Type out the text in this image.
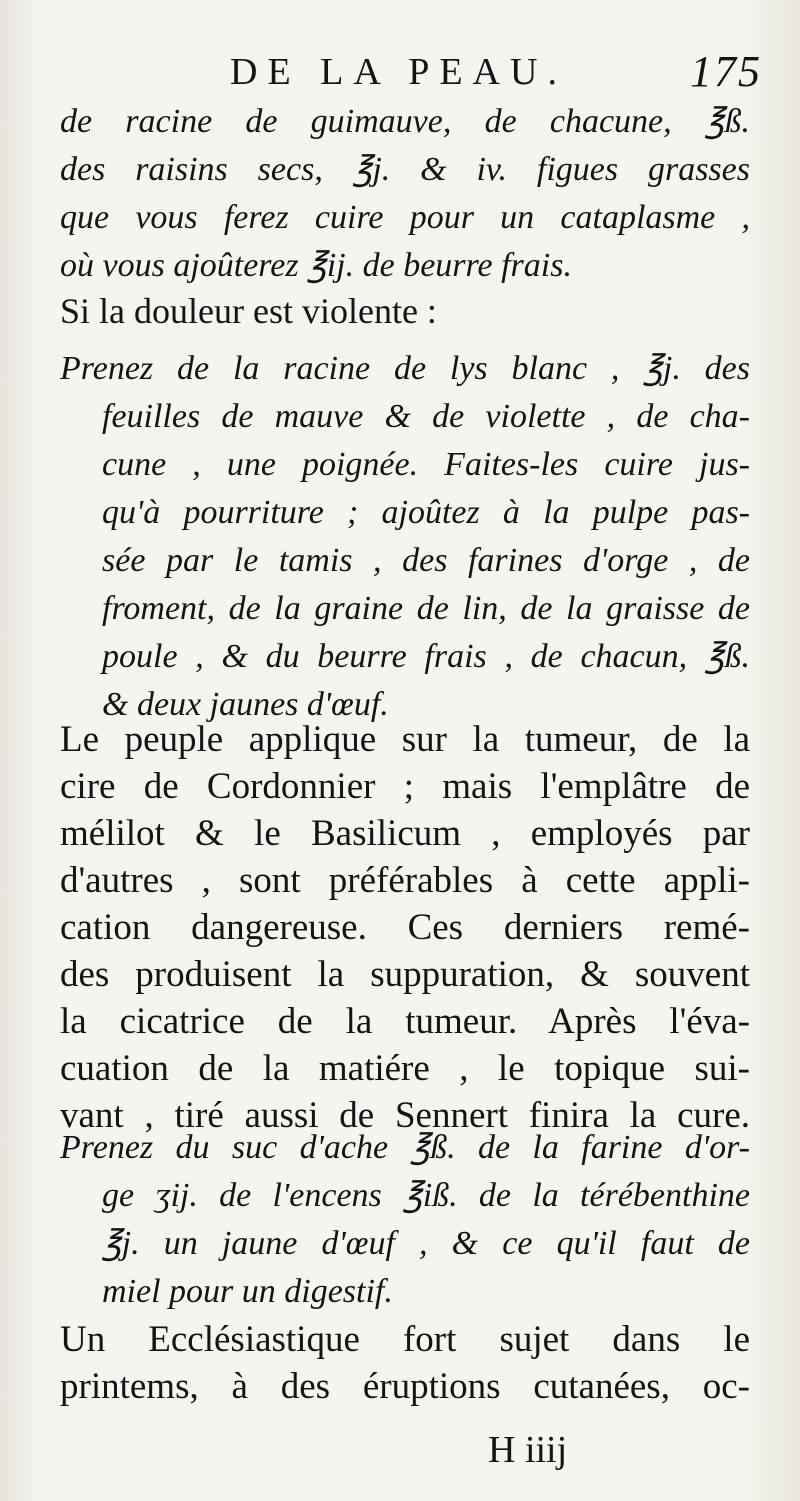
DE LA PEAU.	175
de racine de guimauve, de chacune, ℥ß.
des raisins secs, ℥j. & iv. figues grasses
que vous ferez cuire pour un cataplasme ,
où vous ajoûterez ℥ij. de beurre frais.
Si la douleur est violente :
Prenez de la racine de lys blanc , ℥j. des
feuilles de mauve & de violette , de cha-
cune , une poignée. Faites-les cuire jus-
qu'à pourriture ; ajoûtez à la pulpe pas-
sée par le tamis , des farines d'orge , de
froment, de la graine de lin, de la graisse de
poule , & du beurre frais , de chacun, ℥ß.
& deux jaunes d'œuf.
Le peuple applique sur la tumeur, de la
cire de Cordonnier ; mais l'emplâtre de
mélilot & le Basilicum , employés par
d'autres , sont préférables à cette appli-
cation dangereuse. Ces derniers remé-
des produisent la suppuration, & souvent
la cicatrice de la tumeur. Après l'éva-
cuation de la matiére , le topique sui-
vant , tiré aussi de Sennert finira la cure.
Prenez du suc d'ache ℥ß. de la farine d'or-
ge ʒij. de l'encens ℥iß. de la térébenthine
℥j. un jaune d'œuf , & ce qu'il faut de
miel pour un digestif.
Un Ecclésiastique fort sujet dans le
printems, à des éruptions cutanées, oc-
H iiij
